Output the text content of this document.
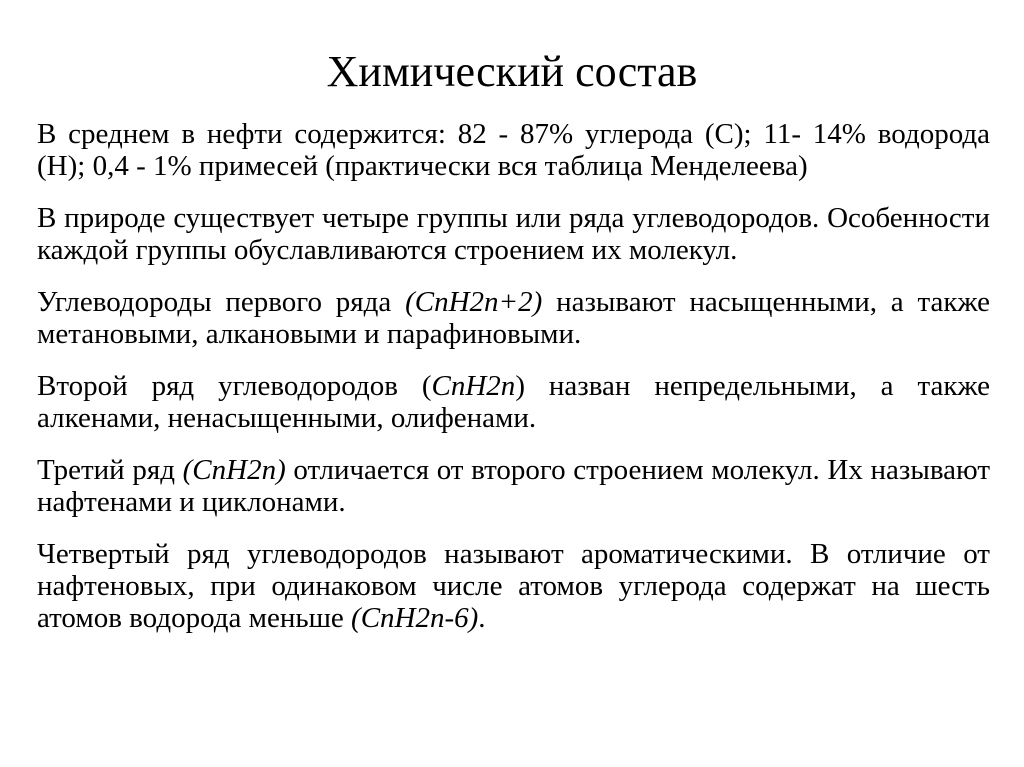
Химический состав

В среднем в нефти содержится: 82 - 87% углерода (С); 11- 14% водорода (Н); 0,4 - 1% примесей (практически вся таблица Менделеева)

В природе существует четыре группы или ряда углеводородов. Особенности каждой группы обуславливаются строением их молекул.

Углеводороды первого ряда (CnH2n+2) называют насыщенными, а также метановыми, алкановыми и парафиновыми.

Второй ряд углеводородов (CnH2n) назван непредельными, а также алкенами, ненасыщенными, олифенами.

Третий ряд (CnH2n) отличается от второго строением молекул. Их называют нафтенами и циклонами.

Четвертый ряд углеводородов называют ароматическими. В отличие от нафтеновых, при одинаковом числе атомов углерода содержат на шесть атомов водорода меньше (CnH2n-6).
